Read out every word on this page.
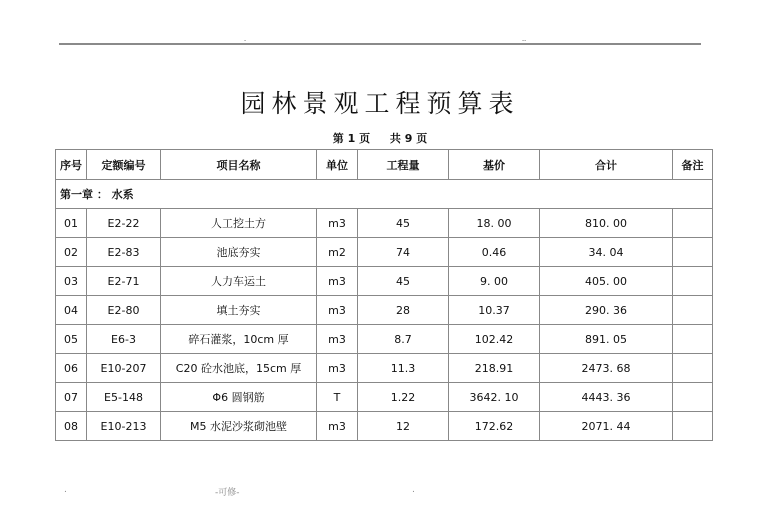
-	--
园林景观工程预算表
第 1 页 共 9 页
序号	定额编号	项目名称	单位	工程量	基价	合计	备注
第一章 ： 水系							
01	E2-22	人工挖土方	m3	45	18. 00	810. 00	
02	E2-83	池底夯实	m2	74	0.46	34. 04	
03	E2-71	人力车运土	m3	45	9. 00	405. 00	
04	E2-80	填土夯实	m3	28	10.37	290. 36	
05	E6-3	碎石灌浆，10cm 厚	m3	8.7	102.42	891. 05	
06	E10-207	C20 砼水池底，15cm 厚	m3	11.3	218.91	2473. 68	
07	E5-148	Φ6 圆钢筋	T	1.22	3642. 10	4443. 36	
08	E10-213	M5 水泥沙浆砌池壁	m3	12	172.62	2071. 44	
.	-可修-	.
